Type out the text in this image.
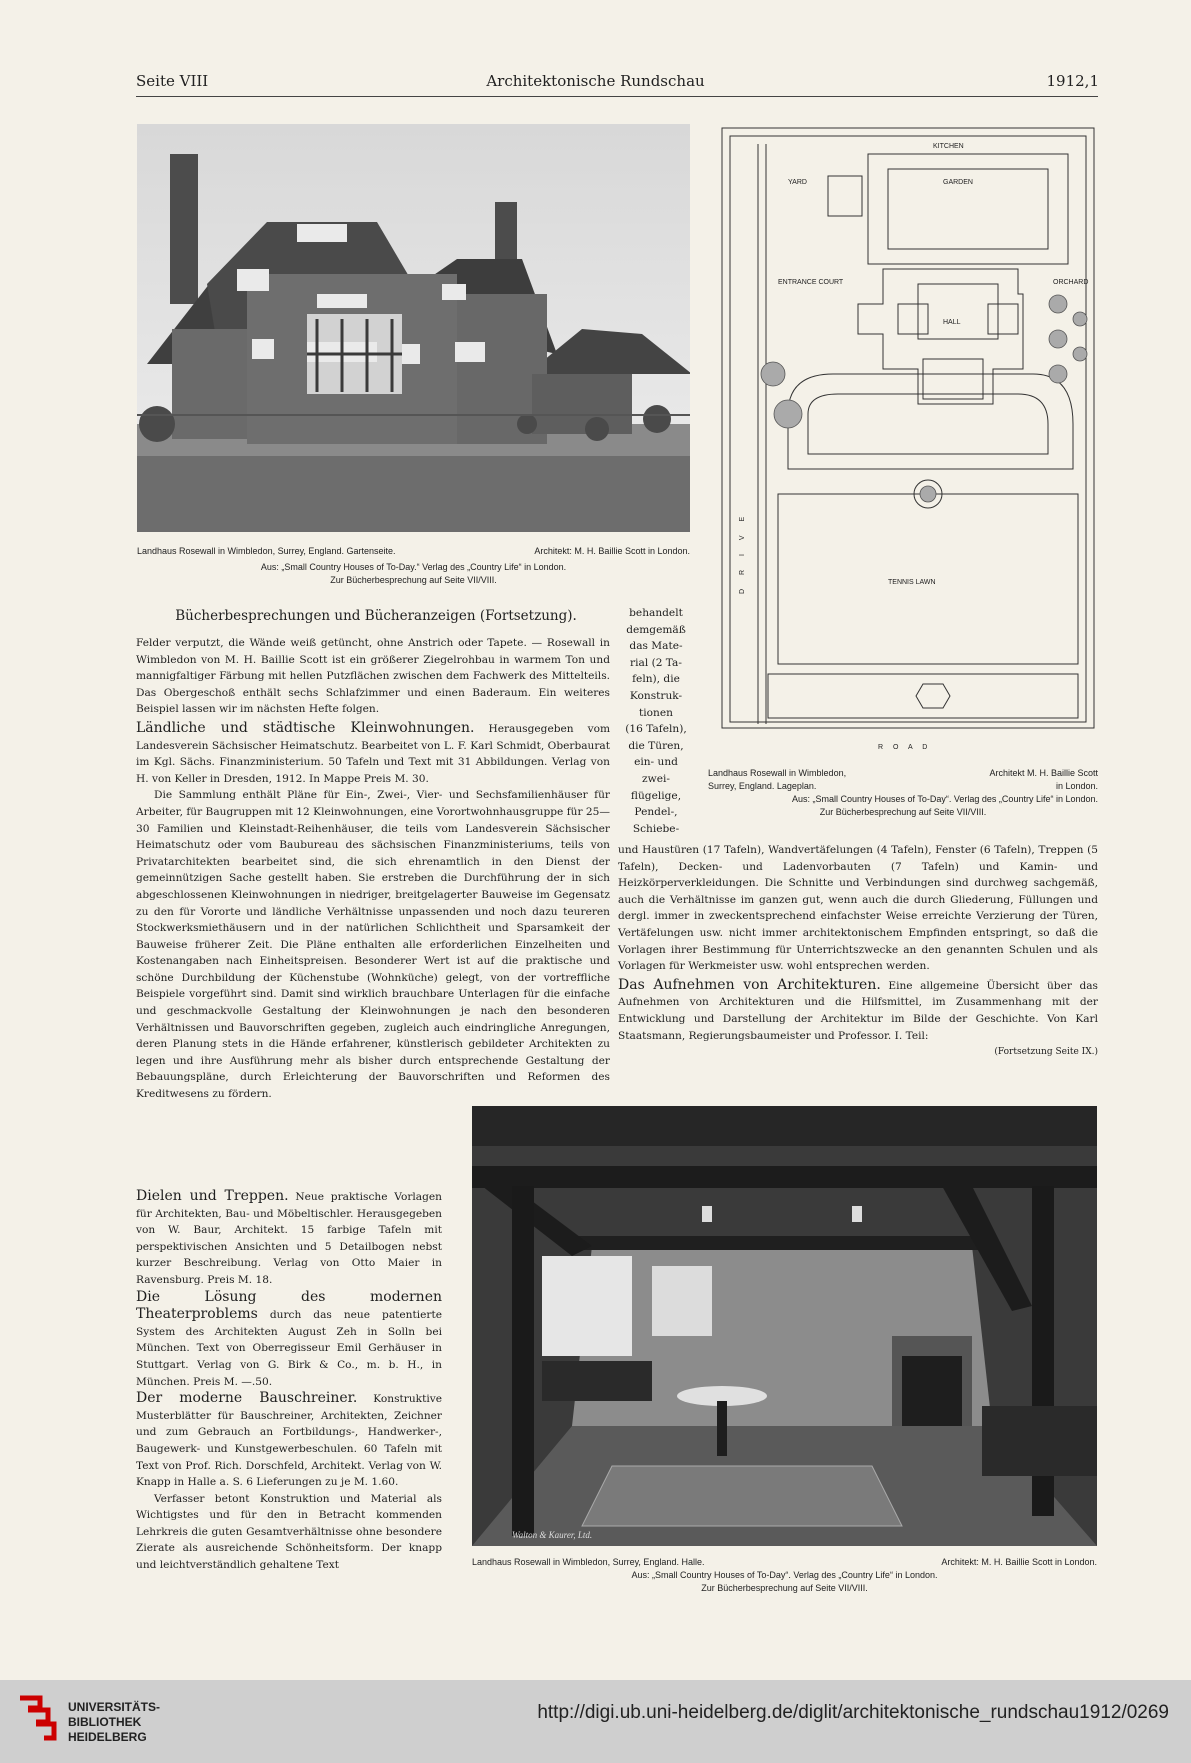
Seite VIII	Architektonische Rundschau	1912,1
Landhaus Rosewall in Wimbledon, Surrey, England. Gartenseite.	Architekt: M. H. Baillie Scott in London.
Aus: „Small Country Houses of To-Day.“ Verlag des „Country Life“ in London.
Zur Bücherbesprechung auf Seite VII/VIII.
KITCHEN
GARDEN
YARD
ENTRANCE COURT	ORCHARD
HALL
TENNIS LAWN
R O A D
D R I V E
Landhaus Rosewall in Wimbledon,
Surrey, England. Lageplan.
Architekt M. H. Baillie Scott
in London.
Aus: „Small Country Houses of To-Day“. Verlag des „Country Life“ in London.
Zur Bücherbesprechung auf Seite VII/VIII.
Bücherbesprechungen und Bücheranzeigen (Fortsetzung).	behandelt
demgemäß
das Mate-
rial (2 Ta-
feln), die
Konstruk-
tionen
(16 Tafeln),
die Türen,
ein- und
zwei-
flügelige,
Pendel-,
Schiebe-

Felder verputzt, die Wände weiß getüncht, ohne Anstrich oder Tapete. — Rosewall in Wimbledon von M. H. Baillie Scott ist ein größerer Ziegelrohbau in warmem Ton und mannigfaltiger Färbung mit hellen Putzflächen zwischen dem Fachwerk des Mittelteils. Das Obergeschoß enthält sechs Schlafzimmer und einen Baderaum. Ein weiteres Beispiel lassen wir im nächsten Hefte folgen.

Ländliche und städtische Kleinwohnungen. Herausgegeben vom Landesverein Sächsischer Heimatschutz. Bearbeitet von L. F. Karl Schmidt, Oberbaurat im Kgl. Sächs. Finanzministerium. 50 Tafeln und Text mit 31 Abbildungen. Verlag von H. von Keller in Dresden, 1912. In Mappe Preis M. 30.

Die Sammlung enthält Pläne für Ein-, Zwei-, Vier- und Sechsfamilienhäuser für Arbeiter, für Baugruppen mit 12 Kleinwohnungen, eine Vorortwohnhausgruppe für 25—30 Familien und Kleinstadt-Reihenhäuser, die teils vom Landesverein Sächsischer Heimatschutz oder vom Baubureau des sächsischen Finanzministeriums, teils von Privatarchitekten bearbeitet sind, die sich ehrenamtlich in den Dienst der gemeinnützigen Sache gestellt haben. Sie erstreben die Durchführung der in sich abgeschlossenen Kleinwohnungen in niedriger, breitgelagerter Bauweise im Gegensatz zu den für Vororte und ländliche Verhältnisse unpassenden und noch dazu teureren Stockwerksmiethäusern und in der natürlichen Schlichtheit und Sparsamkeit der Bauweise früherer Zeit. Die Pläne enthalten alle erforderlichen Einzelheiten und Kostenangaben nach Einheitspreisen. Besonderer Wert ist auf die praktische und schöne Durchbildung der Küchenstube (Wohnküche) gelegt, von der vortreffliche Beispiele vorgeführt sind. Damit sind wirklich brauchbare Unterlagen für die einfache und geschmackvolle Gestaltung der Kleinwohnungen je nach den besonderen Verhältnissen und Bauvorschriften gegeben, zugleich auch eindringliche Anregungen, deren Planung stets in die Hände erfahrener, künstlerisch gebildeter Architekten zu legen und ihre Ausführung mehr als bisher durch entsprechende Gestaltung der Bebauungspläne, durch Erleichterung der Bauvorschriften und Reformen des Kreditwesens zu fördern.

Dielen und Treppen. Neue praktische Vorlagen für Architekten, Bau- und Möbeltischler. Herausgegeben von W. Baur, Architekt. 15 farbige Tafeln mit perspektivischen Ansichten und 5 Detailbogen nebst kurzer Beschreibung. Verlag von Otto Maier in Ravensburg. Preis M. 18.

Die Lösung des modernen Theaterproblems durch das neue patentierte System des Architekten August Zeh in Solln bei München. Text von Oberregisseur Emil Gerhäuser in Stuttgart. Verlag von G. Birk & Co., m. b. H., in München. Preis M. —.50.

Der moderne Bauschreiner. Konstruktive Musterblätter für Bauschreiner, Architekten, Zeichner und zum Gebrauch an Fortbildungs-, Handwerker-, Baugewerk- und Kunstgewerbeschulen. 60 Tafeln mit Text von Prof. Rich. Dorschfeld, Architekt. Verlag von W. Knapp in Halle a. S. 6 Lieferungen zu je M. 1.60.

Verfasser betont Konstruktion und Material als Wichtigstes und für den in Betracht kommenden Lehrkreis die guten Gesamtverhältnisse ohne besondere Zierate als ausreichende Schönheitsform. Der knapp und leichtverständlich gehaltene Text

und Haustüren (17 Tafeln), Wandvertäfelungen (4 Tafeln), Fenster (6 Tafeln), Treppen (5 Tafeln), Decken- und Ladenvorbauten (7 Tafeln) und Kamin- und Heizkörperverkleidungen. Die Schnitte und Verbindungen sind durchweg sachgemäß, auch die Verhältnisse im ganzen gut, wenn auch die durch Gliederung, Füllungen und dergl. immer in zweckentsprechend einfachster Weise erreichte Verzierung der Türen, Vertäfelungen usw. nicht immer architektonischem Empfinden entspringt, so daß die Vorlagen ihrer Bestimmung für Unterrichtszwecke an den genannten Schulen und als Vorlagen für Werkmeister usw. wohl entsprechen werden.

Das Aufnehmen von Architekturen. Eine allgemeine Übersicht über das Aufnehmen von Architekturen und die Hilfsmittel, im Zusammenhang mit der Entwicklung und Darstellung der Architektur im Bilde der Geschichte. Von Karl Staatsmann, Regierungsbaumeister und Professor. I. Teil:

(Fortsetzung Seite IX.)

Walton & Kaurer, Ltd.
Landhaus Rosewall in Wimbledon, Surrey, England. Halle.	Architekt: M. H. Baillie Scott in London.
Aus: „Small Country Houses of To-Day“. Verlag des „Country Life“ in London.
Zur Bücherbesprechung auf Seite VII/VIII.
UNIVERSITÄTS-
BIBLIOTHEK
HEIDELBERG
http://digi.ub.uni-heidelberg.de/diglit/architektonische_rundschau1912/0269
